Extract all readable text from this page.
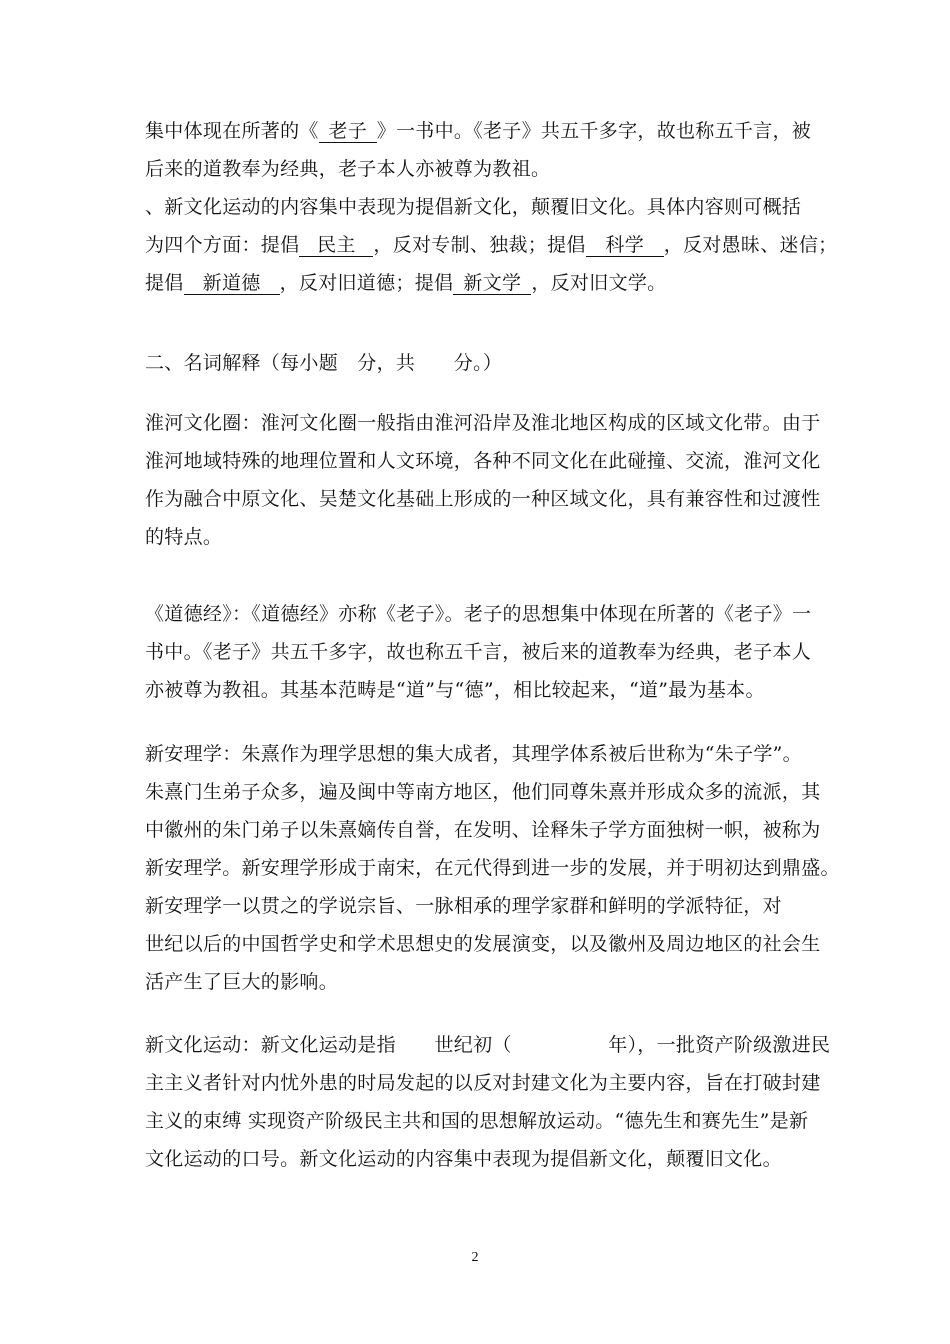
集中体现在所著的《 老子 》一书中。《老子》共五千多字，故也称五千言，被
后来的道教奉为经典，老子本人亦被尊为教祖。
、新文化运动的内容集中表现为提倡新文化，颠覆旧文化。具体内容则可概括
为四个方面：提倡 民主 ，反对专制、独裁；提倡 科学 ，反对愚昧、迷信；
提倡 新道德 ，反对旧道德；提倡 新文学 ，反对旧文学。
二、名词解释（每小题　分，共　　分。）
淮河文化圈：淮河文化圈一般指由淮河沿岸及淮北地区构成的区域文化带。由于
淮河地域特殊的地理位置和人文环境，各种不同文化在此碰撞、交流，淮河文化
作为融合中原文化、吴楚文化基础上形成的一种区域文化，具有兼容性和过渡性
的特点。
《道德经》：《道德经》亦称《老子》。老子的思想集中体现在所著的《老子》一
书中。《老子》共五千多字，故也称五千言，被后来的道教奉为经典，老子本人
亦被尊为教祖。其基本范畴是“道”与“德”，相比较起来，“道”最为基本。
新安理学：朱熹作为理学思想的集大成者，其理学体系被后世称为“朱子学”。
朱熹门生弟子众多，遍及闽中等南方地区，他们同尊朱熹并形成众多的流派，其
中徽州的朱门弟子以朱熹嫡传自誉，在发明、诠释朱子学方面独树一帜，被称为
新安理学。新安理学形成于南宋，在元代得到进一步的发展，并于明初达到鼎盛。
新安理学一以贯之的学说宗旨、一脉相承的理学家群和鲜明的学派特征，对
世纪以后的中国哲学史和学术思想史的发展演变，以及徽州及周边地区的社会生
活产生了巨大的影响。
新文化运动：新文化运动是指　　世纪初（　　　　　年），一批资产阶级激进民
主主义者针对内忧外患的时局发起的以反对封建文化为主要内容，旨在打破封建
主义的束缚 实现资产阶级民主共和国的思想解放运动。“德先生和赛先生”是新
文化运动的口号。新文化运动的内容集中表现为提倡新文化，颠覆旧文化。
2
